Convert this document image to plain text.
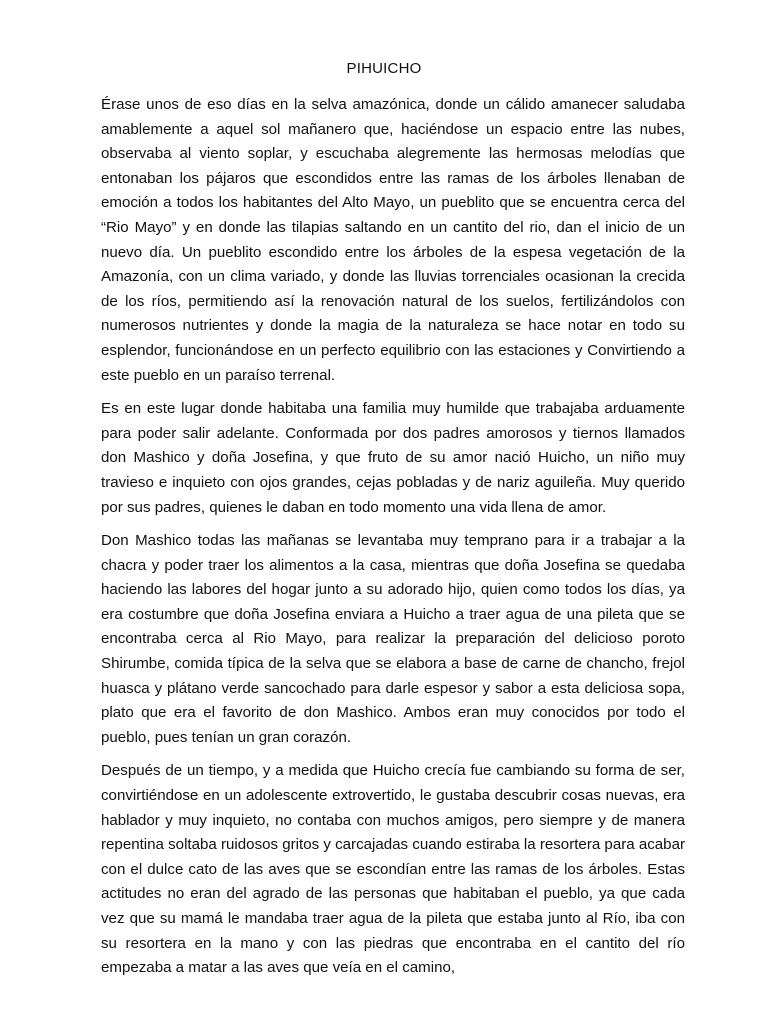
PIHUICHO

Érase unos de eso días en la selva amazónica, donde un cálido amanecer saludaba amablemente a aquel sol mañanero que, haciéndose un espacio entre las nubes, observaba al viento soplar, y escuchaba alegremente las hermosas melodías que entonaban los pájaros que escondidos entre las ramas de los árboles llenaban de emoción a todos los habitantes del Alto Mayo, un pueblito que se encuentra cerca del “Rio Mayo” y en donde las tilapias saltando en un cantito del rio, dan el inicio de un nuevo día. Un pueblito escondido entre los árboles de la espesa vegetación de la Amazonía, con un clima variado, y donde las lluvias torrenciales ocasionan la crecida de los ríos, permitiendo así la renovación natural de los suelos, fertilizándolos con numerosos nutrientes y donde la magia de la naturaleza se hace notar en todo su esplendor, funcionándose en un perfecto equilibrio con las estaciones y Convirtiendo a este pueblo en un paraíso terrenal.

Es en este lugar donde habitaba una familia muy humilde que trabajaba arduamente para poder salir adelante. Conformada por dos padres amorosos y tiernos llamados don Mashico y doña Josefina, y que fruto de su amor nació Huicho, un niño muy travieso e inquieto con ojos grandes, cejas pobladas y de nariz aguileña. Muy querido por sus padres, quienes le daban en todo momento una vida llena de amor.

Don Mashico todas las mañanas se levantaba muy temprano para ir a trabajar a la chacra y poder traer los alimentos a la casa, mientras que doña Josefina se quedaba haciendo las labores del hogar junto a su adorado hijo, quien como todos los días, ya era costumbre que doña Josefina enviara a Huicho a traer agua de una pileta que se encontraba cerca al Rio Mayo, para realizar la preparación del delicioso poroto Shirumbe, comida típica de la selva que se elabora a base de carne de chancho, frejol huasca y plátano verde sancochado para darle espesor y sabor a esta deliciosa sopa, plato que era el favorito de don Mashico. Ambos eran muy conocidos por todo el pueblo, pues tenían un gran corazón.

Después de un tiempo, y a medida que Huicho crecía fue cambiando su forma de ser, convirtiéndose en un adolescente extrovertido, le gustaba descubrir cosas nuevas, era hablador y muy inquieto, no contaba con muchos amigos, pero siempre y de manera repentina soltaba ruidosos gritos y carcajadas cuando estiraba la resortera para acabar con el dulce cato de las aves que se escondían entre las ramas de los árboles. Estas actitudes no eran del agrado de las personas que habitaban el pueblo, ya que cada vez que su mamá le mandaba traer agua de la pileta que estaba junto al Río, iba con su resortera en la mano y con las piedras que encontraba en el cantito del río empezaba a matar a las aves que veía en el camino,
